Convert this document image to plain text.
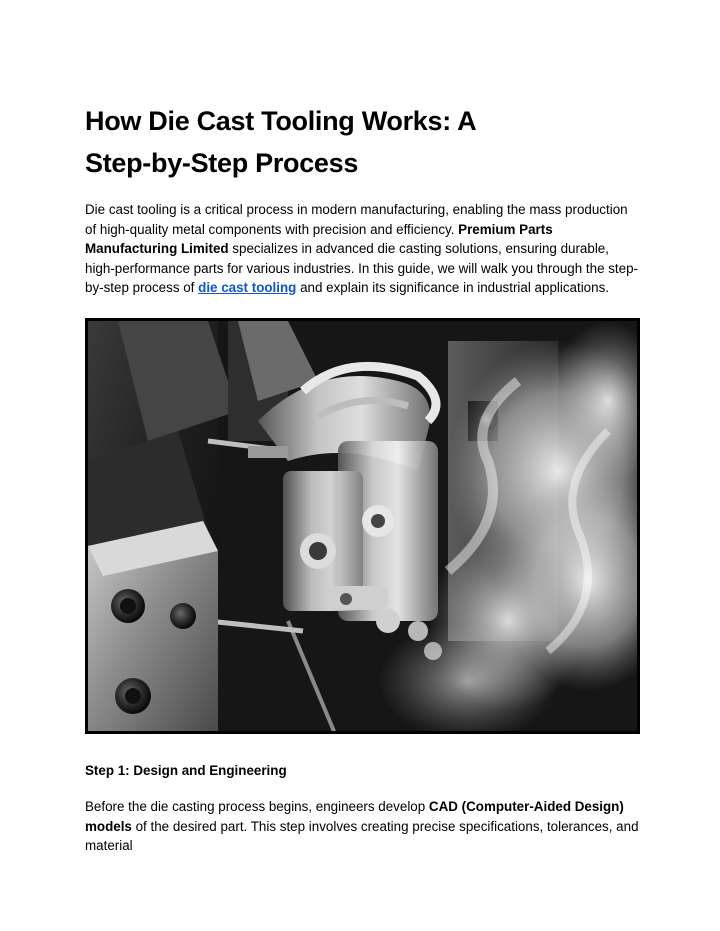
How Die Cast Tooling Works: A
Step-by-Step Process

Die cast tooling is a critical process in modern manufacturing, enabling the mass production of high-quality metal components with precision and efficiency. Premium Parts Manufacturing Limited specializes in advanced die casting solutions, ensuring durable, high-performance parts for various industries. In this guide, we will walk you through the step-by-step process of die cast tooling and explain its significance in industrial applications.

Step 1: Design and Engineering

Before the die casting process begins, engineers develop CAD (Computer-Aided Design) models of the desired part. This step involves creating precise specifications, tolerances, and material
